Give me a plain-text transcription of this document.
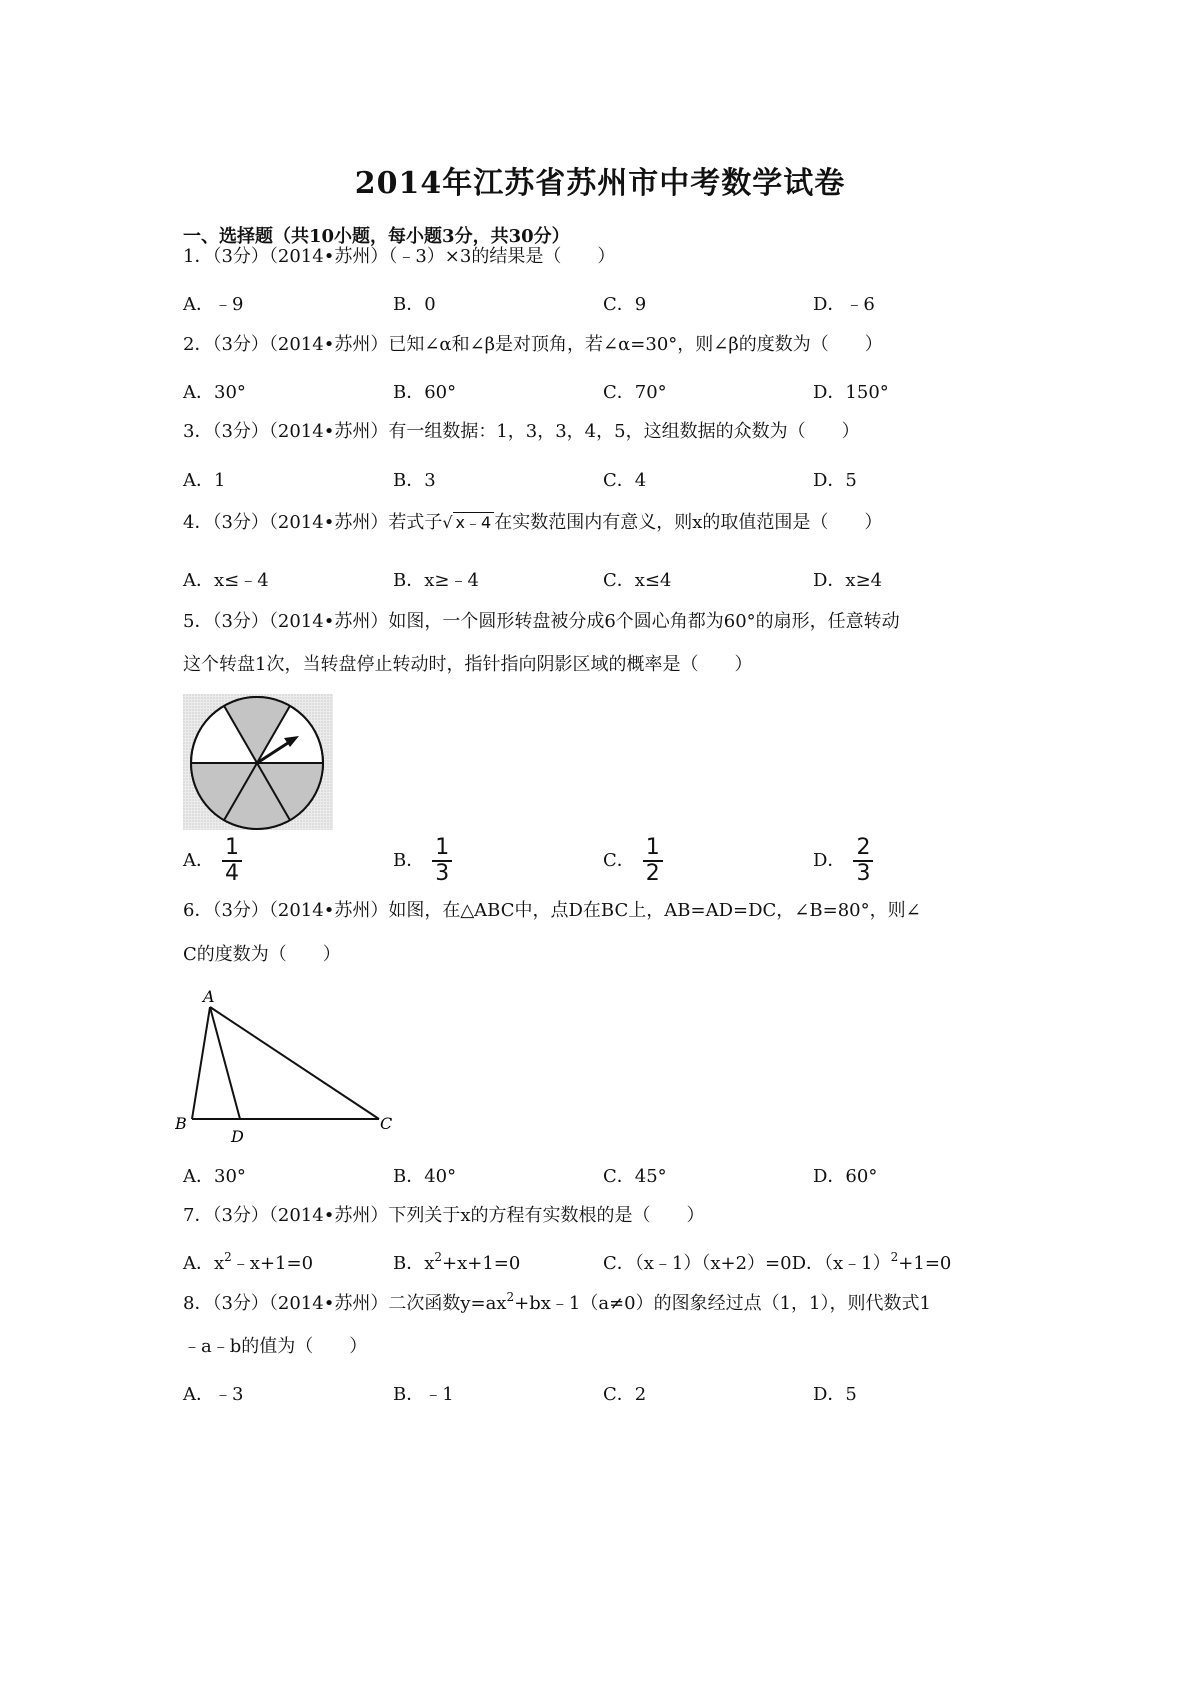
2014年江苏省苏州市中考数学试卷
一、选择题（共10小题，每小题3分，共30分）
1．（3分）（2014•苏州）（﹣3）×3的结果是（　　）
A．﹣9	B．0	C．9	D．﹣6
2．（3分）（2014•苏州）已知∠α和∠β是对顶角，若∠α=30°，则∠β的度数为（　　）
A．30°	B．60°	C．70°	D．150°
3．（3分）（2014•苏州）有一组数据：1，3，3，4，5，这组数据的众数为（　　）
A．1	B．3	C．4	D．5
4．（3分）（2014•苏州）若式子√ x﹣4 在实数范围内有意义，则x的取值范围是（　　）
A．x≤﹣4	B．x≥﹣4	C．x≤4	D．x≥4
5．（3分）（2014•苏州）如图，一个圆形转盘被分成6个圆心角都为60°的扇形，任意转动
这个转盘1次，当转盘停止转动时，指针指向阴影区域的概率是（　　）
A． $\frac{1}{4}$	B． $\frac{1}{3}$	C． $\frac{1}{2}$	D． $\frac{2}{3}$
6．（3分）（2014•苏州）如图，在△ABC中，点D在BC上，AB=AD=DC，∠B=80°，则∠
C的度数为（　　）
A
B
D
C
A．30°	B．40°	C．45°	D．60°
7．（3分）（2014•苏州）下列关于x的方程有实数根的是（　　）
A．$x^2﹣x+1=0$	B．$x^2+x+1=0$	C．（x﹣1）（x+2）=0D．（x﹣1）$^2$+1=0
8．（3分）（2014•苏州）二次函数$y=ax^2+bx﹣1(a\ne 0)$的图象经过点（1，1），则代数式1
﹣a﹣b的值为（　　）
A．﹣3	B．﹣1	C．2	D．5
